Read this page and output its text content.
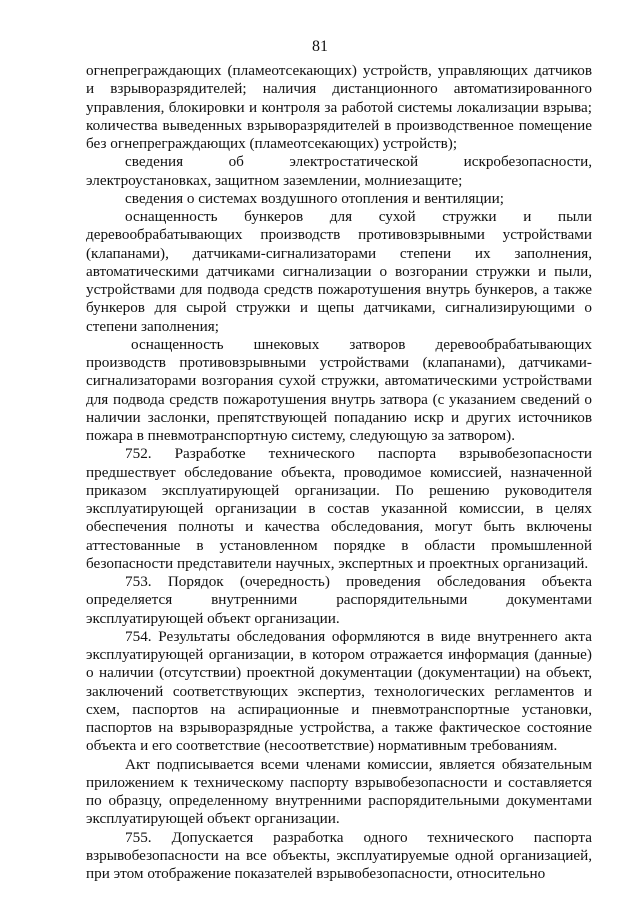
81

огнепреграждающих (пламеотсекающих) устройств, управляющих датчиков и взрыворазрядителей; наличия дистанционного автоматизированного управления, блокировки и контроля за работой системы локализации взрыва; количества выведенных взрыворазрядителей в производственное помещение без огнепреграждающих (пламеотсекающих) устройств);

сведения об электростатической искробезопасности, электроустановках, защитном заземлении, молниезащите;

сведения о системах воздушного отопления и вентиляции;

оснащенность бункеров для сухой стружки и пыли деревообрабатывающих производств противовзрывными устройствами (клапанами), датчиками-сигнализаторами степени их заполнения, автоматическими датчиками сигнализации о возгорании стружки и пыли, устройствами для подвода средств пожаротушения внутрь бункеров, а также бункеров для сырой стружки и щепы датчиками, сигнализирующими о степени заполнения;

оснащенность шнековых затворов деревообрабатывающих производств противовзрывными устройствами (клапанами), датчиками-сигнализаторами возгорания сухой стружки, автоматическими устройствами для подвода средств пожаротушения внутрь затвора (с указанием сведений о наличии заслонки, препятствующей попаданию искр и других источников пожара в пневмотранспортную систему, следующую за затвором).

752. Разработке технического паспорта взрывобезопасности предшествует обследование объекта, проводимое комиссией, назначенной приказом эксплуатирующей организации. По решению руководителя эксплуатирующей организации в состав указанной комиссии, в целях обеспечения полноты и качества обследования, могут быть включены аттестованные в установленном порядке в области промышленной безопасности представители научных, экспертных и проектных организаций.

753. Порядок (очередность) проведения обследования объекта определяется внутренними распорядительными документами эксплуатирующей объект организации.

754. Результаты обследования оформляются в виде внутреннего акта эксплуатирующей организации, в котором отражается информация (данные) о наличии (отсутствии) проектной документации (документации) на объект, заключений соответствующих экспертиз, технологических регламентов и схем, паспортов на аспирационные и пневмотранспортные установки, паспортов на взрыворазрядные устройства, а также фактическое состояние объекта и его соответствие (несоответствие) нормативным требованиям.

Акт подписывается всеми членами комиссии, является обязательным приложением к техническому паспорту взрывобезопасности и составляется по образцу, определенному внутренними распорядительными документами эксплуатирующей объект организации.

755. Допускается разработка одного технического паспорта взрывобезопасности на все объекты, эксплуатируемые одной организацией, при этом отображение показателей взрывобезопасности, относительно
